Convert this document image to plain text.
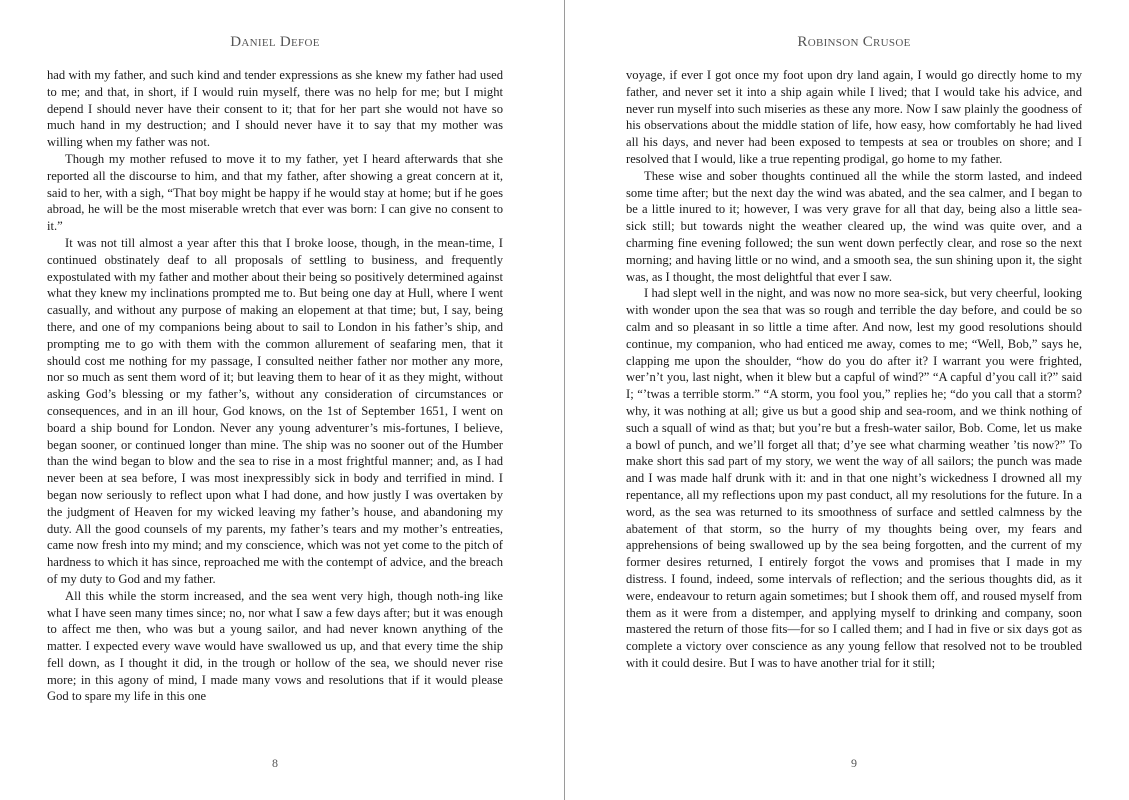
Daniel Defoe

had with my father, and such kind and tender expressions as she knew my father had used to me; and that, in short, if I would ruin myself, there was no help for me; but I might depend I should never have their consent to it; that for her part she would not have so much hand in my destruction; and I should never have it to say that my mother was willing when my father was not.

Though my mother refused to move it to my father, yet I heard afterwards that she reported all the discourse to him, and that my father, after showing a great concern at it, said to her, with a sigh, “That boy might be happy if he would stay at home; but if he goes abroad, he will be the most miserable wretch that ever was born: I can give no consent to it.”

It was not till almost a year after this that I broke loose, though, in the mean-time, I continued obstinately deaf to all proposals of settling to business, and frequently expostulated with my father and mother about their being so positively determined against what they knew my inclinations prompted me to. But being one day at Hull, where I went casually, and without any purpose of making an elopement at that time; but, I say, being there, and one of my companions being about to sail to London in his father’s ship, and prompting me to go with them with the common allurement of seafaring men, that it should cost me nothing for my passage, I consulted neither father nor mother any more, nor so much as sent them word of it; but leaving them to hear of it as they might, without asking God’s blessing or my father’s, without any consideration of circumstances or consequences, and in an ill hour, God knows, on the 1st of September 1651, I went on board a ship bound for London. Never any young adventurer’s mis-fortunes, I believe, began sooner, or continued longer than mine. The ship was no sooner out of the Humber than the wind began to blow and the sea to rise in a most frightful manner; and, as I had never been at sea before, I was most inexpressibly sick in body and terrified in mind. I began now seriously to reflect upon what I had done, and how justly I was overtaken by the judgment of Heaven for my wicked leaving my father’s house, and abandoning my duty. All the good counsels of my parents, my father’s tears and my mother’s entreaties, came now fresh into my mind; and my conscience, which was not yet come to the pitch of hardness to which it has since, reproached me with the contempt of advice, and the breach of my duty to God and my father.

All this while the storm increased, and the sea went very high, though noth-ing like what I have seen many times since; no, nor what I saw a few days after; but it was enough to affect me then, who was but a young sailor, and had never known anything of the matter. I expected every wave would have swallowed us up, and that every time the ship fell down, as I thought it did, in the trough or hollow of the sea, we should never rise more; in this agony of mind, I made many vows and resolutions that if it would please God to spare my life in this one

8
Robinson Crusoe

voyage, if ever I got once my foot upon dry land again, I would go directly home to my father, and never set it into a ship again while I lived; that I would take his advice, and never run myself into such miseries as these any more. Now I saw plainly the goodness of his observations about the middle station of life, how easy, how comfortably he had lived all his days, and never had been exposed to tempests at sea or troubles on shore; and I resolved that I would, like a true repenting prodigal, go home to my father.

These wise and sober thoughts continued all the while the storm lasted, and indeed some time after; but the next day the wind was abated, and the sea calmer, and I began to be a little inured to it; however, I was very grave for all that day, being also a little sea-sick still; but towards night the weather cleared up, the wind was quite over, and a charming fine evening followed; the sun went down perfectly clear, and rose so the next morning; and having little or no wind, and a smooth sea, the sun shining upon it, the sight was, as I thought, the most delightful that ever I saw.

I had slept well in the night, and was now no more sea-sick, but very cheerful, looking with wonder upon the sea that was so rough and terrible the day before, and could be so calm and so pleasant in so little a time after. And now, lest my good resolutions should continue, my companion, who had enticed me away, comes to me; “Well, Bob,” says he, clapping me upon the shoulder, “how do you do after it? I warrant you were frighted, wer’n’t you, last night, when it blew but a capful of wind?” “A capful d’you call it?” said I; “’twas a terrible storm.” “A storm, you fool you,” replies he; “do you call that a storm? why, it was nothing at all; give us but a good ship and sea-room, and we think nothing of such a squall of wind as that; but you’re but a fresh-water sailor, Bob. Come, let us make a bowl of punch, and we’ll forget all that; d’ye see what charming weather ’tis now?” To make short this sad part of my story, we went the way of all sailors; the punch was made and I was made half drunk with it: and in that one night’s wickedness I drowned all my repentance, all my reflections upon my past conduct, all my resolutions for the future. In a word, as the sea was returned to its smoothness of surface and settled calmness by the abatement of that storm, so the hurry of my thoughts being over, my fears and apprehensions of being swallowed up by the sea being forgotten, and the current of my former desires returned, I entirely forgot the vows and promises that I made in my distress. I found, indeed, some intervals of reflection; and the serious thoughts did, as it were, endeavour to return again sometimes; but I shook them off, and roused myself from them as it were from a distemper, and applying myself to drinking and company, soon mastered the return of those fits—for so I called them; and I had in five or six days got as complete a victory over conscience as any young fellow that resolved not to be troubled with it could desire. But I was to have another trial for it still;

9
